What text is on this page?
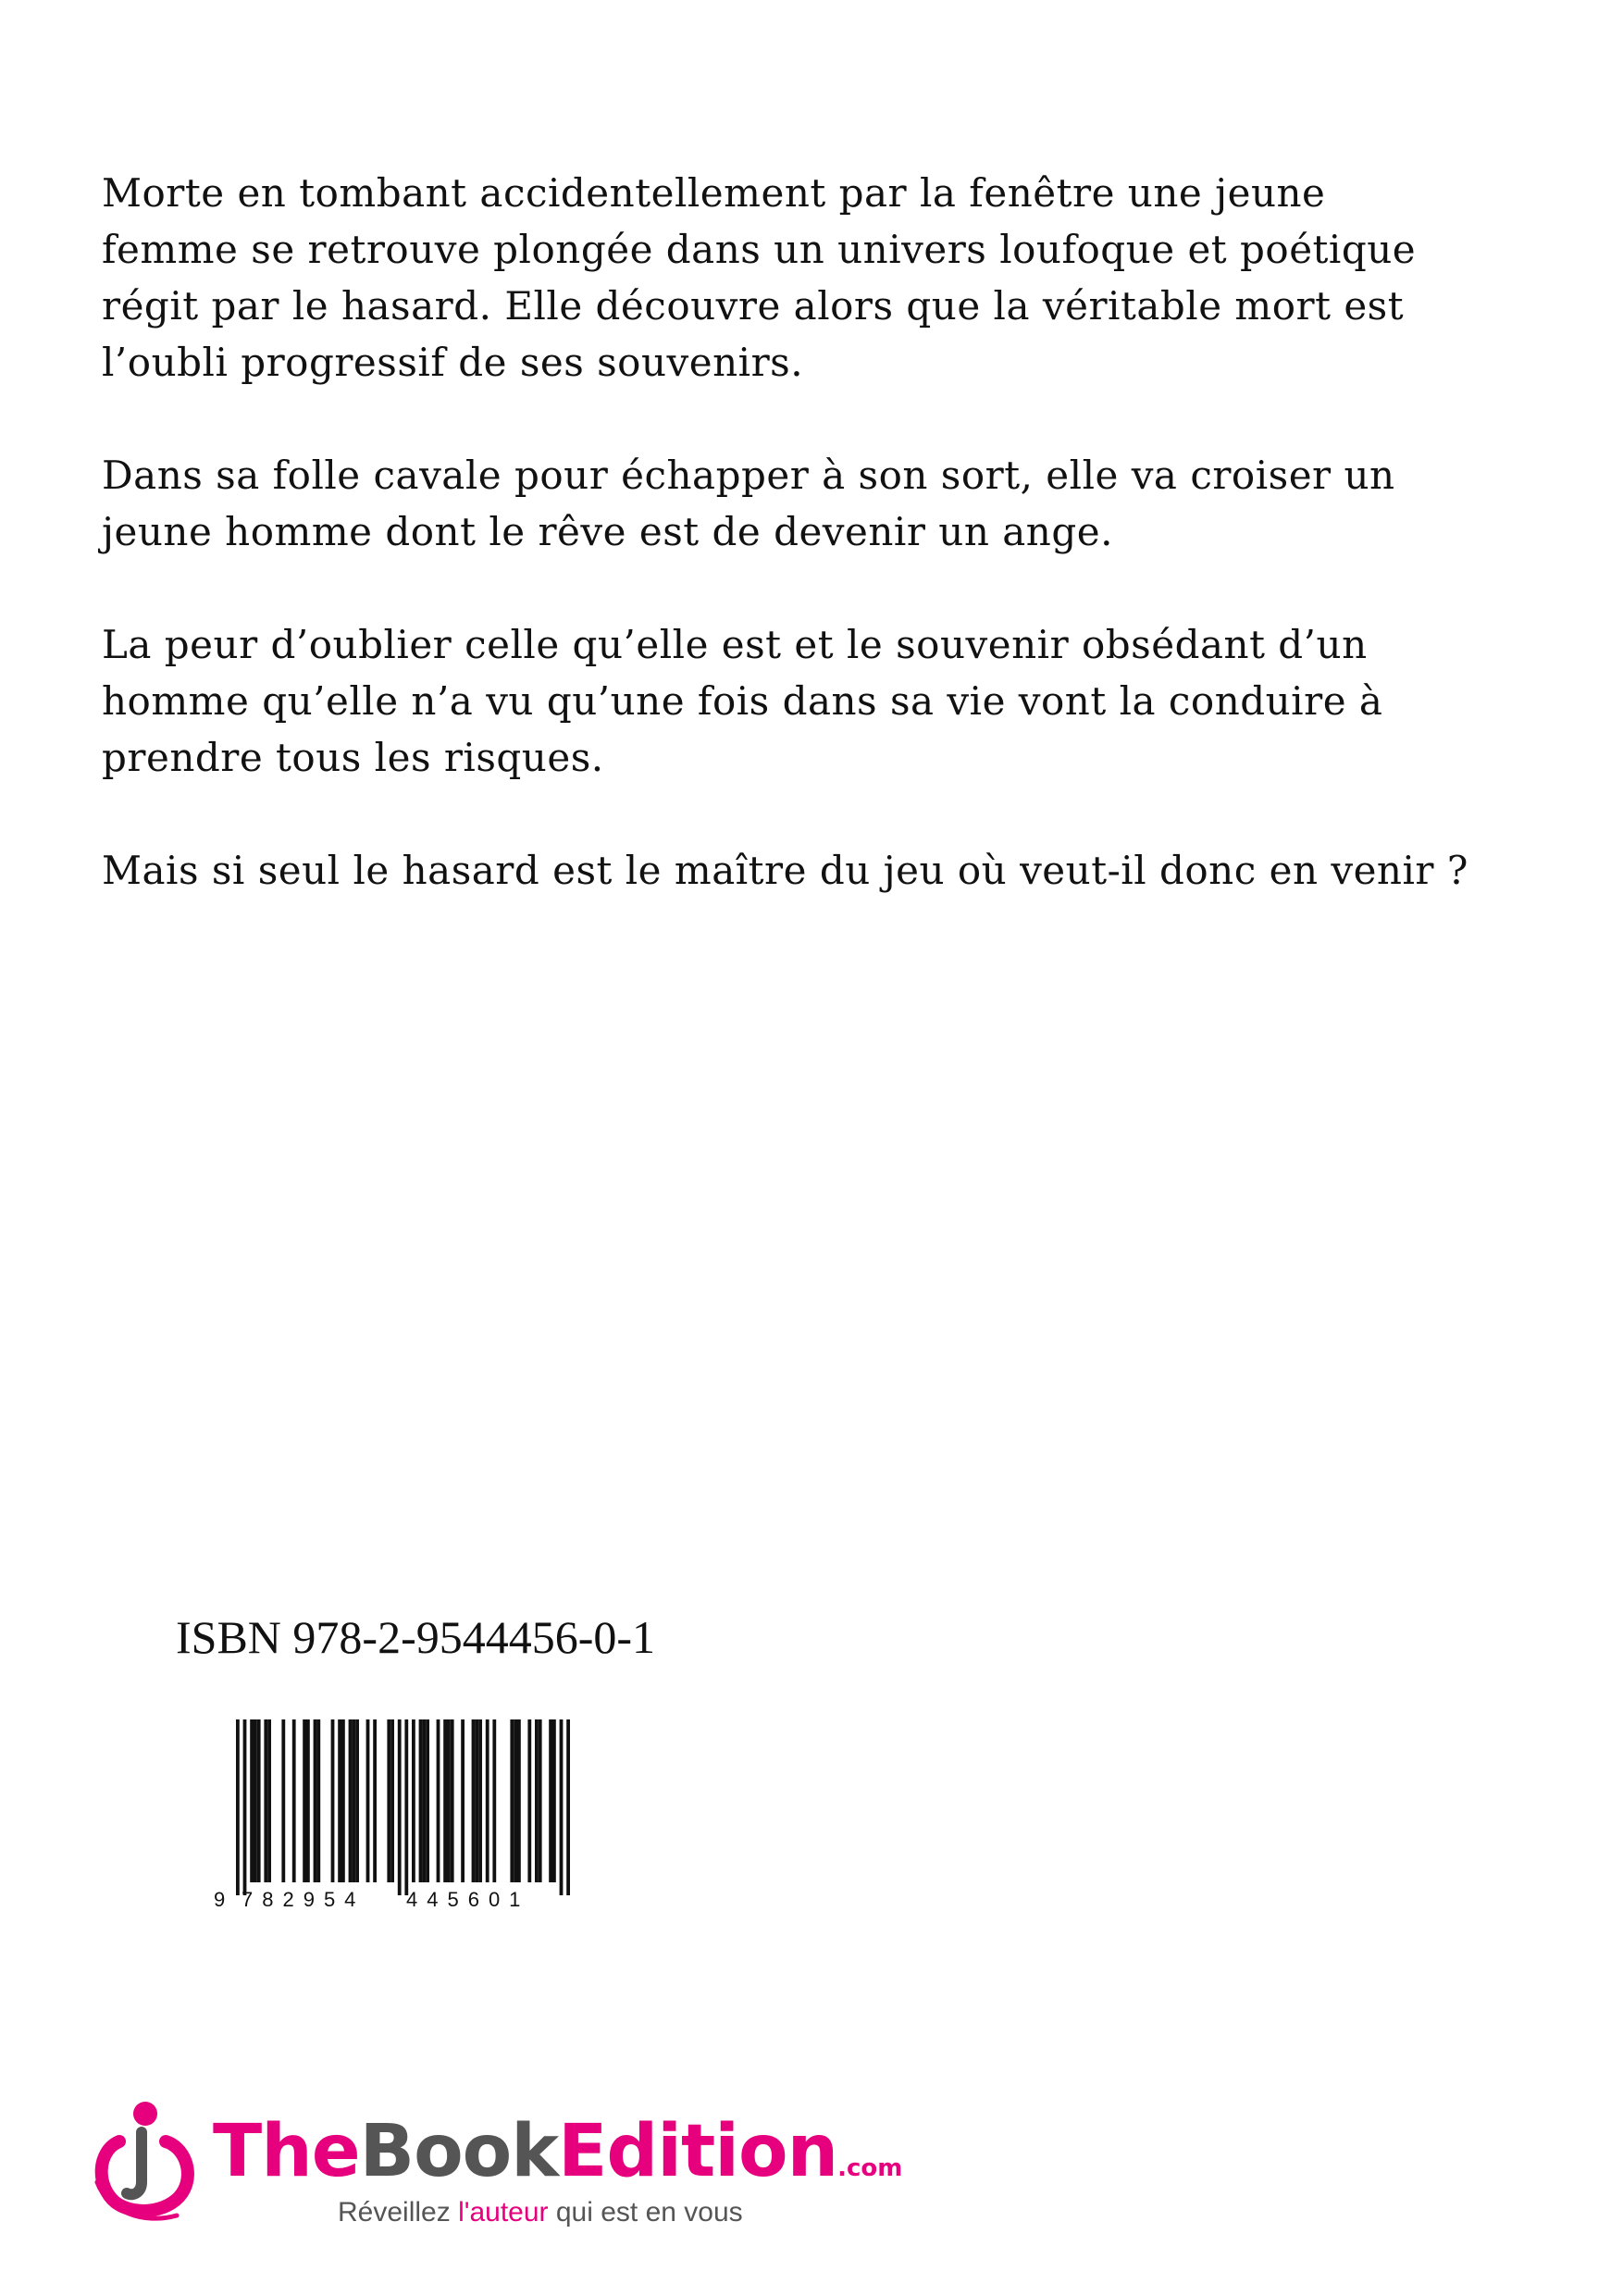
Morte en tombant accidentellement par la fenêtre une jeune femme se retrouve plongée dans un univers loufoque et poétique régit par le hasard. Elle découvre alors que la véritable mort est l’oubli progressif de ses souvenirs.

Dans sa folle cavale pour échapper à son sort, elle va croiser un jeune homme dont le rêve est de devenir un ange.

La peur d’oublier celle qu’elle est et le souvenir obsédant d’un homme qu’elle n’a vu qu’une fois dans sa vie vont la conduire à prendre tous les risques.

Mais si seul le hasard est le maître du jeu où veut-il donc en venir ?

ISBN 978-2-9544456-0-1
9 782954 445601
TheBookEdition.com
Réveillez l'auteur qui est en vous
